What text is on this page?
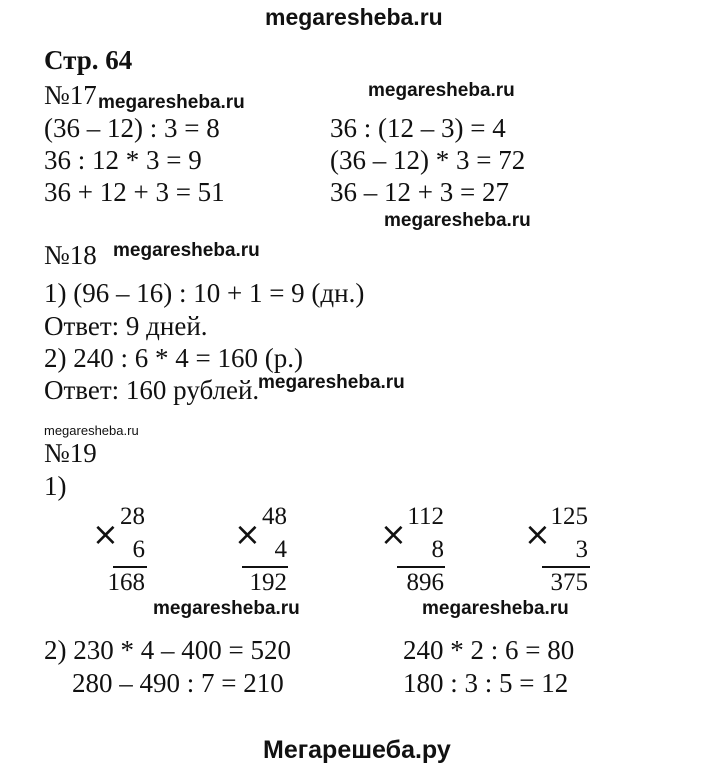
megaresheba.ru
Стр. 64
№17 megaresheba.ru
megaresheba.ru
(36 – 12) : 3 = 8
36 : 12 * 3 = 9
36 + 12 + 3 = 51
36 : (12 – 3) = 4
(36 – 12) * 3 = 72
36 – 12 + 3 = 27
megaresheba.ru
№18 megaresheba.ru
1) (96 – 16) : 10 + 1 = 9 (дн.)
Ответ: 9 дней.
2) 240 : 6 * 4 = 160 (р.)
Ответ: 160 рублей.
megaresheba.ru
megaresheba.ru
№19
1)
× 28
6
168
× 48
4
192
× 112
8
896
× 125
3
375
megaresheba.ru	megaresheba.ru
2) 230 * 4 – 400 = 520
280 – 490 : 7 = 210
240 * 2 : 6 = 80
180 : 3 : 5 = 12
Мегарешеба.ру
